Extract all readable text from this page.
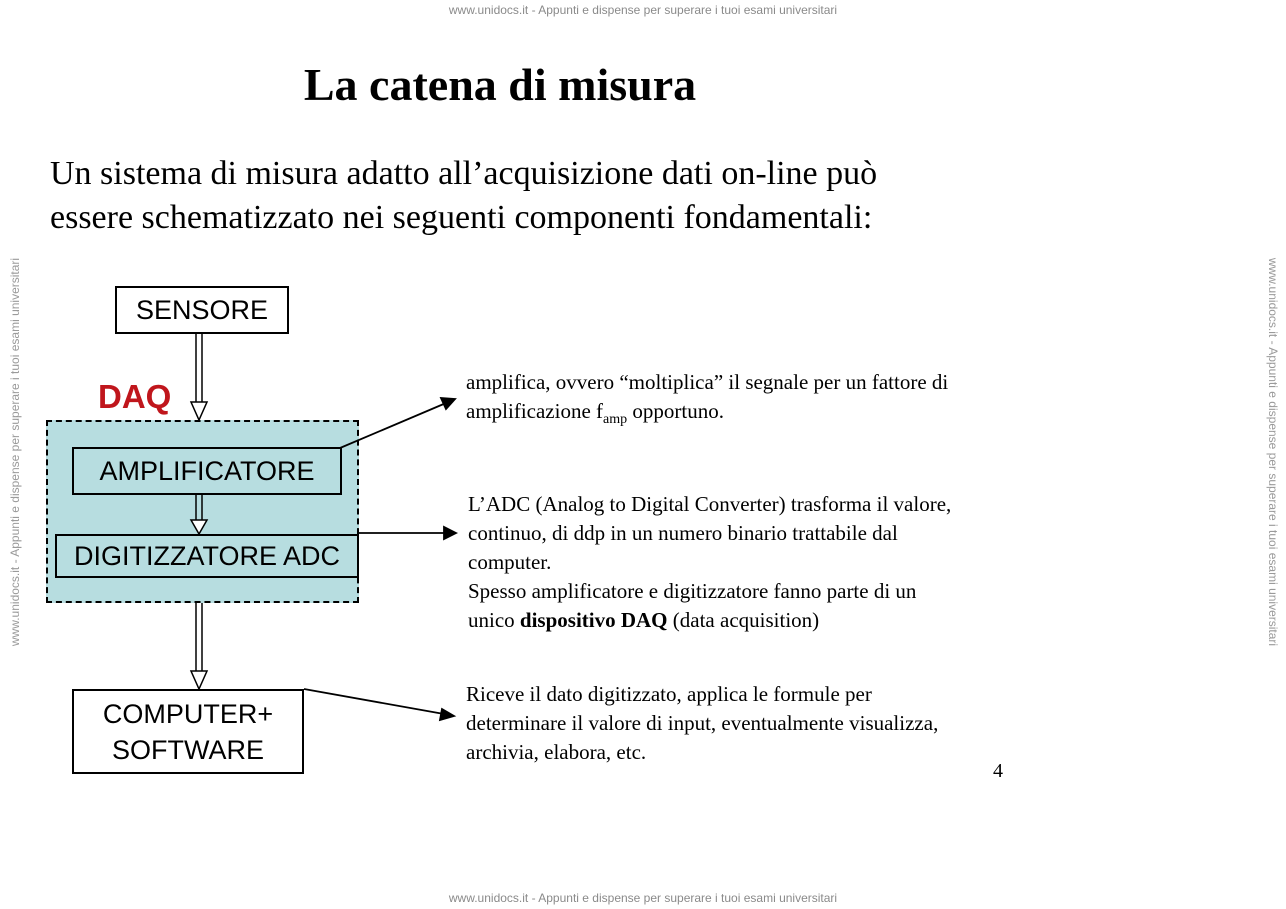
www.unidocs.it - Appunti e dispense per superare i tuoi esami universitari
www.unidocs.it - Appunti e dispense per superare i tuoi esami universitari
www.unidocs.it - Appunti e dispense per superare i tuoi esami universitari	www.unidocs.it - Appunti e dispense per superare i tuoi esami universitari
La catena di misura
Un sistema di misura adatto all’acquisizione dati on-line può
essere schematizzato nei seguenti componenti fondamentali:
DAQ
SENSORE
AMPLIFICATORE
DIGITIZZATORE ADC
COMPUTER+
SOFTWARE
amplifica, ovvero “moltiplica” il segnale per un fattore di
amplificazione $f_{amp}$ opportuno.
L’ADC (Analog to Digital Converter) trasforma il valore,
continuo, di ddp in un numero binario trattabile dal
computer.
Spesso amplificatore e digitizzatore fanno parte di un
unico dispositivo DAQ (data acquisition)
Riceve il dato digitizzato, applica le formule per
determinare il valore di input, eventualmente visualizza,
archivia, elabora, etc.
4
